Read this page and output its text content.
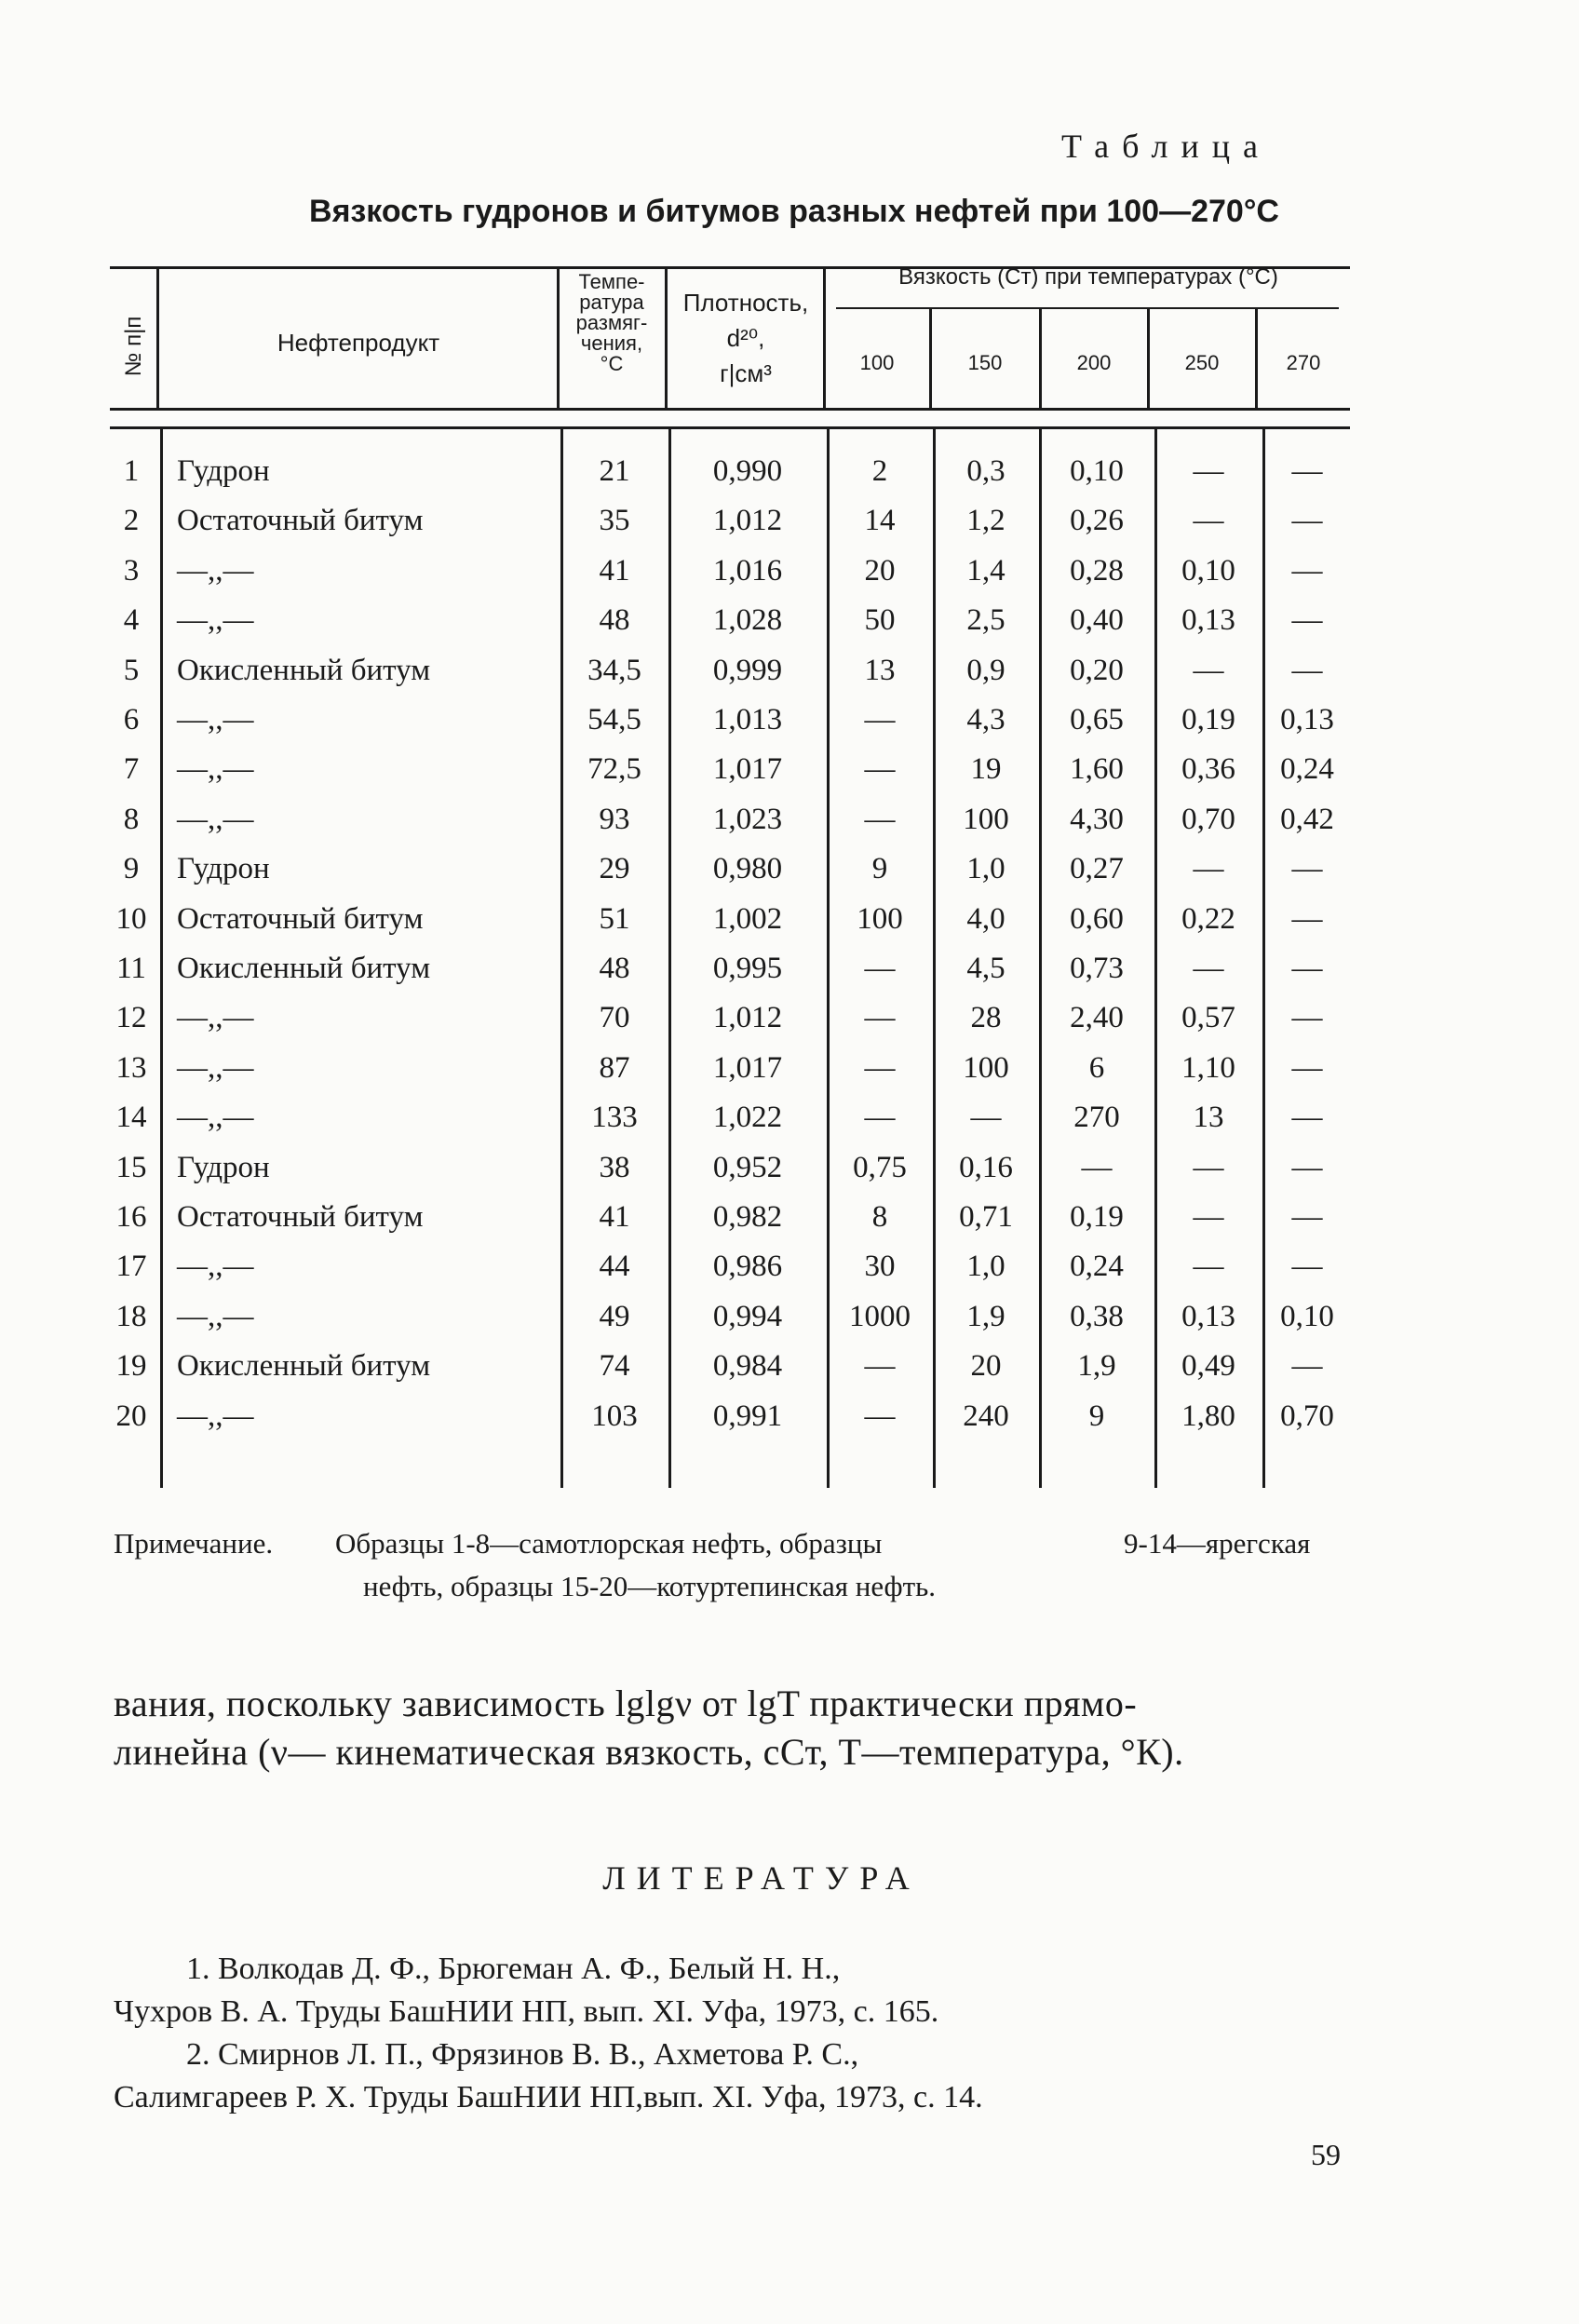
Таблица
Вязкость гудронов и битумов разных нефтей при 100—270°С
№ п|п	Нефтепродукт
Темпе-
ратура
размяг-
чения,
°С
Плотность,
d²⁰,
г|см³
Вязкость (Ст) при температурах (°С)
100	150	200	250	270
1	Гудрон	21	0,990	2	0,3	0,10	—	—
2	Остаточный битум	35	1,012	14	1,2	0,26	—	—
3	—,,—	41	1,016	20	1,4	0,28	0,10	—
4	—,,—	48	1,028	50	2,5	0,40	0,13	—
5	Окисленный битум	34,5	0,999	13	0,9	0,20	—	—
6	—,,—	54,5	1,013	—	4,3	0,65	0,19	0,13
7	—,,—	72,5	1,017	—	19	1,60	0,36	0,24
8	—,,—	93	1,023	—	100	4,30	0,70	0,42
9	Гудрон	29	0,980	9	1,0	0,27	—	—
10 Остаточный битум	51	1,002	100	4,0	0,60	0,22	—
11	Окисленный битум	48	0,995	—	4,5	0,73	—	—
12 —,,—	70	1,012	—	28	2,40	0,57	—
13 —,,—	87	1,017	—	100	6	1,10	—
14 —,,—	133	1,022	—	—	270	13	—
15 Гудрон	38	0,952	0,75	0,16	—	—	—
16 Остаточный битум	41	0,982	8	0,71	0,19	—	—
17 —,,—	44	0,986	30	1,0	0,24	—	—
18 —,,—	49	0,994	1000	1,9	0,38	0,13	0,10
19 Окисленный битум	74	0,984	—	20	1,9	0,49	—
20 —,,—	103	0,991	—	240	9	1,80	0,70
Примечание. Образцы 1-8—самотлорская нефть, образцы	9-14—ярегская
нефть, образцы 15-20—котуртепинская нефть.
вания, поскольку зависимость lglgν от lgT практически прямо-
линейна (ν— кинематическая вязкость, сСт, T—температура, °К).
ЛИТЕРАТУРА
1. Волкодав Д. Ф., Брюгеман А. Ф., Белый Н. Н.,
Чухров В. А. Труды БашНИИ НП, вып. XI. Уфа, 1973, с. 165.
2. Смирнов Л. П., Фрязинов В. В., Ахметова Р. С.,
Салимгареев Р. Х. Труды БашНИИ НП,вып. XI. Уфа, 1973, с. 14.
59
